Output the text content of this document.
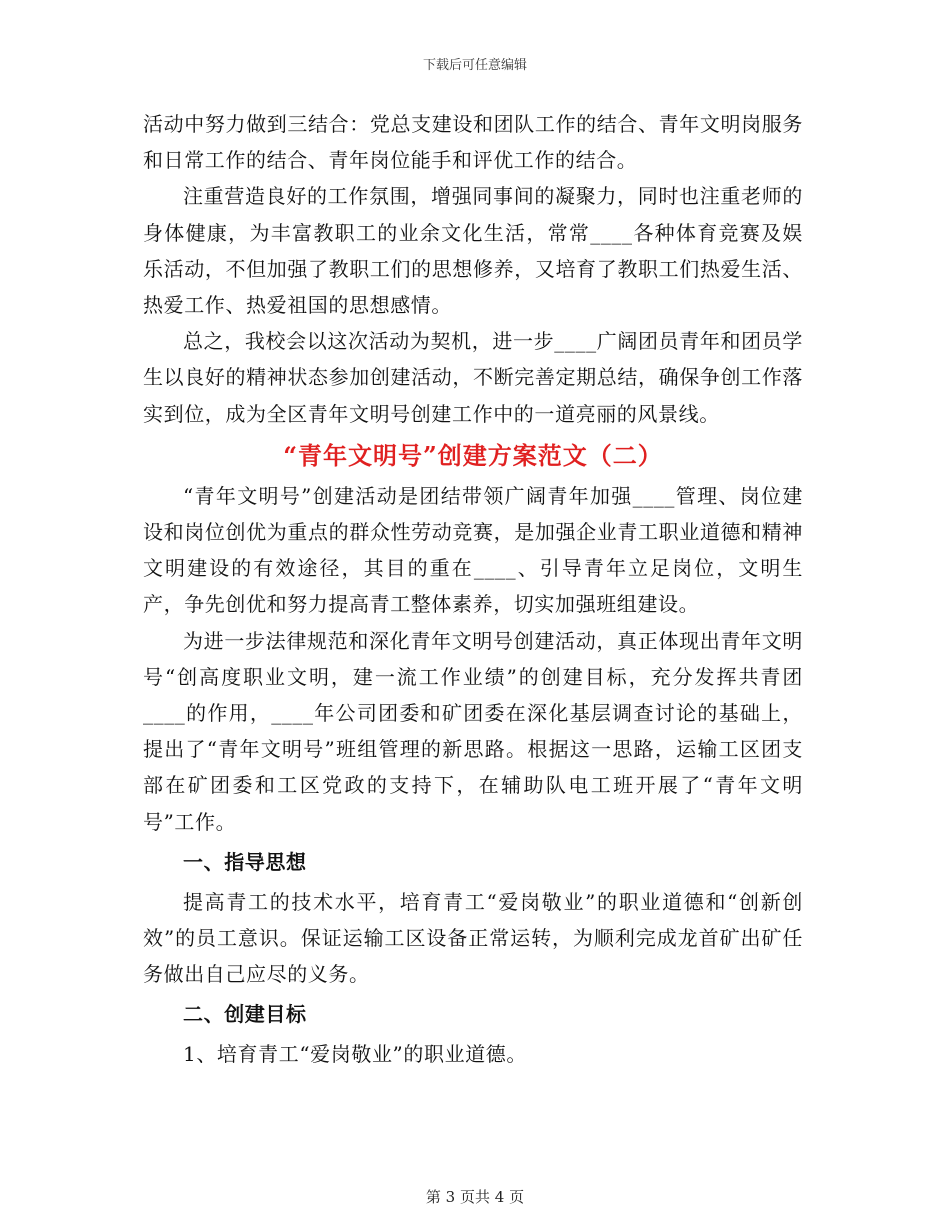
下载后可任意编辑

活动中努力做到三结合：党总支建设和团队工作的结合、青年文明岗服务和日常工作的结合、青年岗位能手和评优工作的结合。

注重营造良好的工作氛围，增强同事间的凝聚力，同时也注重老师的身体健康，为丰富教职工的业余文化生活，常常____各种体育竞赛及娱乐活动，不但加强了教职工们的思想修养，又培育了教职工们热爱生活、热爱工作、热爱祖国的思想感情。

总之，我校会以这次活动为契机，进一步____广阔团员青年和团员学生以良好的精神状态参加创建活动，不断完善定期总结，确保争创工作落实到位，成为全区青年文明号创建工作中的一道亮丽的风景线。

“青年文明号”创建方案范文（二）

“青年文明号”创建活动是团结带领广阔青年加强____管理、岗位建设和岗位创优为重点的群众性劳动竞赛，是加强企业青工职业道德和精神文明建设的有效途径，其目的重在____、引导青年立足岗位，文明生产，争先创优和努力提高青工整体素养，切实加强班组建设。

为进一步法律规范和深化青年文明号创建活动，真正体现出青年文明号“创高度职业文明，建一流工作业绩”的创建目标，充分发挥共青团____的作用，____年公司团委和矿团委在深化基层调查讨论的基础上，提出了“青年文明号”班组管理的新思路。根据这一思路，运输工区团支部在矿团委和工区党政的支持下，在辅助队电工班开展了“青年文明号”工作。

一、指导思想

提高青工的技术水平，培育青工“爱岗敬业”的职业道德和“创新创效”的员工意识。保证运输工区设备正常运转，为顺利完成龙首矿出矿任务做出自己应尽的义务。

二、创建目标

1、培育青工“爱岗敬业”的职业道德。

第 3 页共 4 页
